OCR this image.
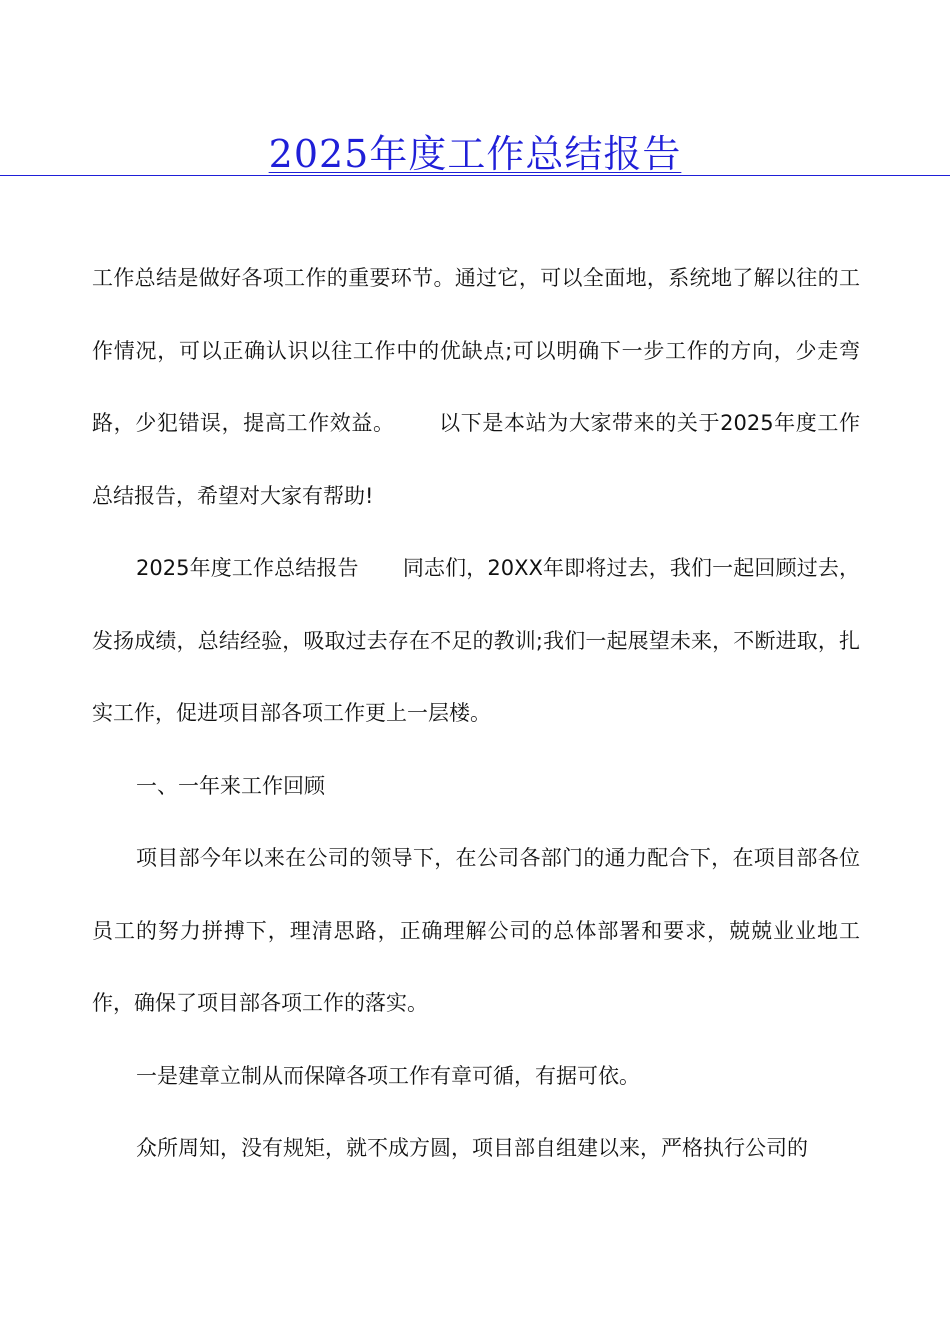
2025年度工作总结报告

工作总结是做好各项工作的重要环节。通过它，可以全面地，系统地了解以往的工作情况，可以正确认识以往工作中的优缺点;可以明确下一步工作的方向，少走弯路，少犯错误，提高工作效益。 以下是本站为大家带来的关于2025年度工作总结报告，希望对大家有帮助!

2025年度工作总结报告 同志们，20XX年即将过去，我们一起回顾过去，发扬成绩，总结经验，吸取过去存在不足的教训;我们一起展望未来，不断进取，扎实工作，促进项目部各项工作更上一层楼。

一、一年来工作回顾

项目部今年以来在公司的领导下，在公司各部门的通力配合下，在项目部各位员工的努力拼搏下，理清思路，正确理解公司的总体部署和要求，兢兢业业地工作，确保了项目部各项工作的落实。

一是建章立制从而保障各项工作有章可循，有据可依。

众所周知，没有规矩，就不成方圆，项目部自组建以来，严格执行公司的
